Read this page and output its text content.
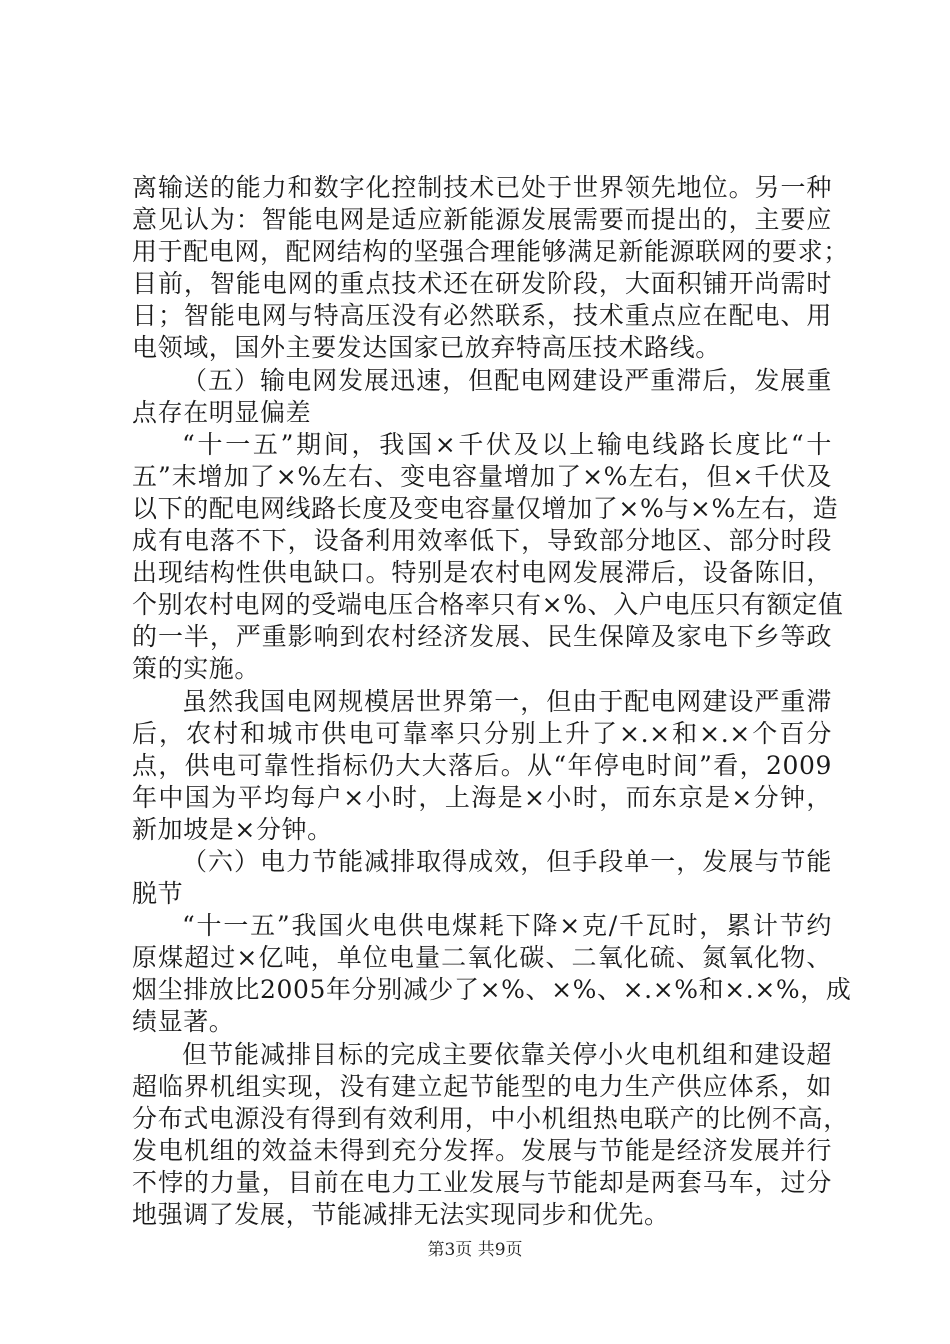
离输送的能力和数字化控制技术已处于世界领先地位。另一种
意见认为：智能电网是适应新能源发展需要而提出的，主要应
用于配电网，配网结构的坚强合理能够满足新能源联网的要求；
目前，智能电网的重点技术还在研发阶段，大面积铺开尚需时
日；智能电网与特高压没有必然联系，技术重点应在配电、用
电领域，国外主要发达国家已放弃特高压技术路线。
（五）输电网发展迅速，但配电网建设严重滞后，发展重
点存在明显偏差
“十一五”期间，我国×千伏及以上输电线路长度比“十
五”末增加了×%左右、变电容量增加了×%左右，但×千伏及
以下的配电网线路长度及变电容量仅增加了×%与×%左右，造
成有电落不下，设备利用效率低下，导致部分地区、部分时段
出现结构性供电缺口。特别是农村电网发展滞后，设备陈旧，
个别农村电网的受端电压合格率只有×%、入户电压只有额定值
的一半，严重影响到农村经济发展、民生保障及家电下乡等政
策的实施。
虽然我国电网规模居世界第一，但由于配电网建设严重滞
后，农村和城市供电可靠率只分别上升了×.×和×.×个百分
点，供电可靠性指标仍大大落后。从“年停电时间”看，2009
年中国为平均每户×小时，上海是×小时，而东京是×分钟，
新加坡是×分钟。
（六）电力节能减排取得成效，但手段单一，发展与节能
脱节
“十一五”我国火电供电煤耗下降×克/千瓦时，累计节约
原煤超过×亿吨，单位电量二氧化碳、二氧化硫、氮氧化物、
烟尘排放比2005年分别减少了×%、×%、×.×%和×.×%，成
绩显著。
但节能减排目标的完成主要依靠关停小火电机组和建设超
超临界机组实现，没有建立起节能型的电力生产供应体系，如
分布式电源没有得到有效利用，中小机组热电联产的比例不高，
发电机组的效益未得到充分发挥。发展与节能是经济发展并行
不悖的力量，目前在电力工业发展与节能却是两套马车，过分
地强调了发展，节能减排无法实现同步和优先。
第3页 共9页
